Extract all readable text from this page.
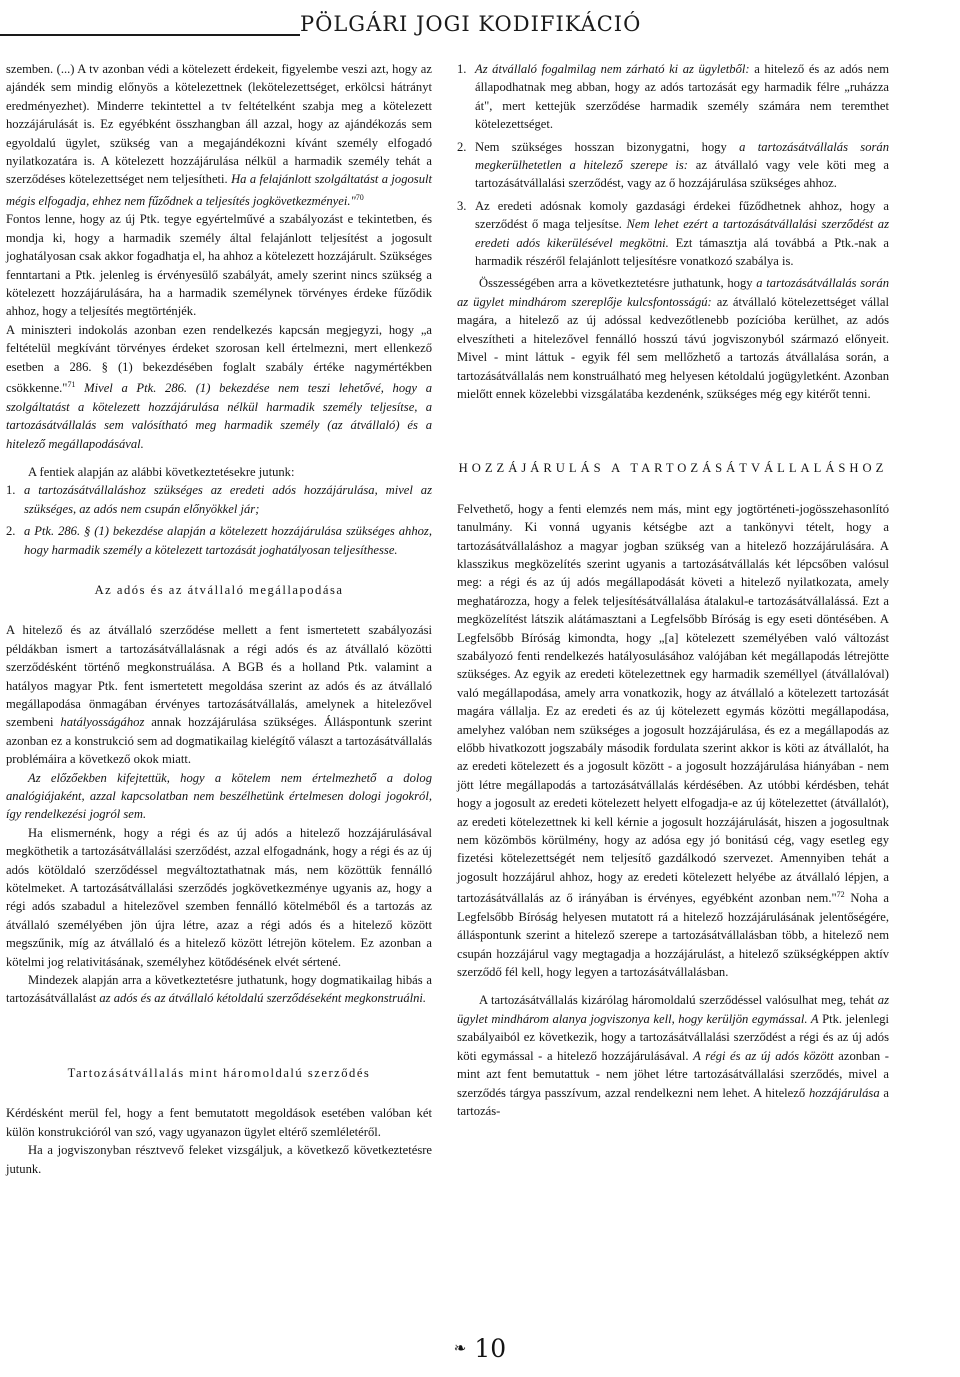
PÖLGÁRI JOGI KODIFIKÁCIÓ

szemben. (...) A tv azonban védi a kötelezett érdekeit, figyelembe veszi azt, hogy az ajándék sem mindig előnyös a kötelezettnek (lekötelezettséget, erkölcsi hátrányt eredményezhet). Minderre tekintettel a tv feltételként szabja meg a kötelezett hozzájárulását is. Ez egyébként összhangban áll azzal, hogy az ajándékozás sem egyoldalú ügylet, szükség van a megajándékozni kívánt személy elfogadó nyilatkozatára is. A kötelezett hozzájárulása nélkül a harmadik személy tehát a szerződéses kötelezettséget nem teljesítheti. Ha a felajánlott szolgáltatást a jogosult mégis elfogadja, ehhez nem fűződnek a teljesítés jogkövetkezményei."$^{70}$

Fontos lenne, hogy az új Ptk. tegye egyértelművé a szabályozást e tekintetben, és mondja ki, hogy a harmadik személy által felajánlott teljesítést a jogosult joghatályosan csak akkor fogadhatja el, ha ahhoz a kötelezett hozzájárult. Szükséges fenntartani a Ptk. jelenleg is érvényesülő szabályát, amely szerint nincs szükség a kötelezett hozzájárulására, ha a harmadik személynek törvényes érdeke fűződik ahhoz, hogy a teljesítés megtörténjék.

A miniszteri indokolás azonban ezen rendelkezés kapcsán megjegyzi, hogy „a feltételül megkívánt törvényes érdeket szorosan kell értelmezni, mert ellenkező esetben a 286. § (1) bekezdésében foglalt szabály értéke nagymértékben csökkenne."$^{71}$ Mivel a Ptk. 286. (1) bekezdése nem teszi lehetővé, hogy a szolgáltatást a kötelezett hozzájárulása nélkül harmadik személy teljesítse, a tartozásátvállalás sem valósítható meg harmadik személy (az átvállaló) és a hitelező megállapodásával.

A fentiek alapján az alábbi következtetésekre jutunk:

1. a tartozásátvállaláshoz szükséges az eredeti adós hozzájárulása, mivel az szükséges, az adós nem csupán előnyökkel jár;
2. a Ptk. 286. § (1) bekezdése alapján a kötelezett hozzájárulása szükséges ahhoz, hogy harmadik személy a kötelezett tartozását joghatályosan teljesíthesse.
Az adós és az átvállaló megállapodása

A hitelező és az átvállaló szerződése mellett a fent ismertetett szabályozási példákban ismert a tartozásátvállalásnak a régi adós és az átvállaló közötti szerződésként történő megkonstruálása. A BGB és a holland Ptk. valamint a hatályos magyar Ptk. fent ismertetett megoldása szerint az adós és az átvállaló megállapodása önmagában érvényes tartozásátvállalás, amelynek a hitelezővel szembeni hatályosságához annak hozzájárulása szükséges. Álláspontunk szerint azonban ez a konstrukció sem ad dogmatikailag kielégítő választ a tartozásátvállalás problémáira a következő okok miatt.

Az előzőekben kifejtettük, hogy a kötelem nem értelmezhető a dolog analógiájaként, azzal kapcsolatban nem beszélhetünk értelmesen dologi jogokról, így rendelkezési jogról sem.

Ha elismernénk, hogy a régi és az új adós a hitelező hozzájárulásával megköthetik a tartozásátvállalási szerződést, azzal elfogadnánk, hogy a régi és az új adós kötöldaló szerződéssel megváltoztathatnak más, nem közöttük fennálló kötelmeket. A tartozásátvállalási szerződés jogkövetkezménye ugyanis az, hogy a régi adós szabadul a hitelezővel szemben fennálló kötelméből és a tartozás az átvállaló személyében jön újra létre, azaz a régi adós és a hitelező között megszűnik, míg az átvállaló és a hitelező között létrejön kötelem. Ez azonban a kötelmi jog relativitásának, személyhez kötődésének elvét sértené.

Mindezek alapján arra a következtetésre juthatunk, hogy dogmatikailag hibás a tartozásátvállalást az adós és az átvállaló kétoldalú szerződéseként megkonstruálni.

Tartozásátvállalás mint háromoldalú szerződés

Kérdésként merül fel, hogy a fent bemutatott megoldások esetében valóban két külön konstrukcióról van szó, vagy ugyanazon ügylet eltérő szemléletéről.

Ha a jogviszonyban résztvevő feleket vizsgáljuk, a következő következtetésre jutunk.

1. Az átvállaló fogalmilag nem zárható ki az ügyletből: a hitelező és az adós nem állapodhatnak meg abban, hogy az adós tartozását egy harmadik félre „ruházza át", mert kettejük szerződése harmadik személy számára nem teremthet kötelezettséget.
2. Nem szükséges hosszan bizonygatni, hogy a tartozásátvállalás során megkerülhetetlen a hitelező szerepe is: az átvállaló vagy vele köti meg a tartozásátvállalási szerződést, vagy az ő hozzájárulása szükséges ahhoz.
3. Az eredeti adósnak komoly gazdasági érdekei fűződhetnek ahhoz, hogy a szerződést ő maga teljesítse. Nem lehet ezért a tartozásátvállalási szerződést az eredeti adós kikerülésével megkötni. Ezt támasztja alá továbbá a Ptk.-nak a harmadik részéről felajánlott teljesítésre vonatkozó szabálya is.

Összességében arra a következtetésre juthatunk, hogy a tartozásátvállalás során az ügylet mindhárom szereplője kulcsfontosságú: az átvállaló kötelezettséget vállal magára, a hitelező az új adóssal kedvezőtlenebb pozícióba kerülhet, az adós elveszítheti a hitelezővel fennálló hosszú távú jogviszonyból származó előnyeit. Mivel - mint láttuk - egyik fél sem mellőzhető a tartozás átvállalása során, a tartozásátvállalás nem konstruálható meg helyesen kétoldalú jogügyletként. Azonban mielőtt ennek közelebbi vizsgálatába kezdenénk, szükséges még egy kitérőt tenni.

HOZZÁJÁRULÁS A TARTOZÁSÁTVÁLLALÁSHOZ

Felvethető, hogy a fenti elemzés nem más, mint egy jogtörténeti-jogösszehasonlító tanulmány. Ki vonná ugyanis kétségbe azt a tankönyvi tételt, hogy a tartozásátvállaláshoz a magyar jogban szükség van a hitelező hozzájárulására. A klasszikus megközelítés szerint ugyanis a tartozásátvállalás két lépcsőben valósul meg: a régi és az új adós megállapodását követi a hitelező nyilatkozata, amely meghatározza, hogy a felek teljesítésátvállalása átalakul-e tartozásátvállalássá. Ezt a megközelítést látszik alátámasztani a Legfelsőbb Bíróság is egy eseti döntésében. A Legfelsőbb Bíróság kimondta, hogy „[a] kötelezett személyében való változást szabályozó fenti rendelkezés hatályosulásához valójában két megállapodás létrejötte szükséges. Az egyik az eredeti kötelezettnek egy harmadik személlyel (átvállalóval) való megállapodása, amely arra vonatkozik, hogy az átvállaló a kötelezett tartozását magára vállalja. Ez az eredeti és az új kötelezett egymás közötti megállapodása, amelyhez valóban nem szükséges a jogosult hozzájárulása, és ez a megállapodás az előbb hivatkozott jogszabály második fordulata szerint akkor is köti az átvállalót, ha az eredeti kötelezett és a jogosult között - a jogosult hozzájárulása hiányában - nem jött létre megállapodás a tartozásátvállalás kérdésében. Az utóbbi kérdésben, tehát hogy a jogosult az eredeti kötelezett helyett elfogadja-e az új kötelezettet (átvállalót), az eredeti kötelezettnek ki kell kérnie a jogosult hozzájárulását, hiszen a jogosultnak nem közömbös körülmény, hogy az adósa egy jó bonitású cég, vagy esetleg egy fizetési kötelezettségét nem teljesítő gazdálkodó szervezet. Amennyiben tehát a jogosult hozzájárul ahhoz, hogy az eredeti kötelezett helyébe az átvállaló lépjen, a tartozásátvállalás az ő irányában is érvényes, egyébként azonban nem."$^{72}$ Noha a Legfelsőbb Bíróság helyesen mutatott rá a hitelező hozzájárulásának jelentőségére, álláspontunk szerint a hitelező szerepe a tartozásátvállalásban több, a hitelező nem csupán hozzájárul vagy megtagadja a hozzájárulást, a hitelező szükségképpen aktív szerződő fél kell, hogy legyen a tartozásátvállalásban.

A tartozásátvállalás kizárólag háromoldalú szerződéssel valósulhat meg, tehát az ügylet mindhárom alanya jogviszonya kell, hogy kerüljön egymással. A Ptk. jelenlegi szabályaiból ez következik, hogy a tartozásátvállalási szerződést a régi és az új adós köti egymással - a hitelező hozzájárulásával. A régi és az új adós között azonban - mint azt fent bemutattuk - nem jöhet létre tartozásátvállalási szerződés, mivel a szerződés tárgya passzívum, azzal rendelkezni nem lehet. A hitelező hozzájárulása a tartozás-

❧ 10
